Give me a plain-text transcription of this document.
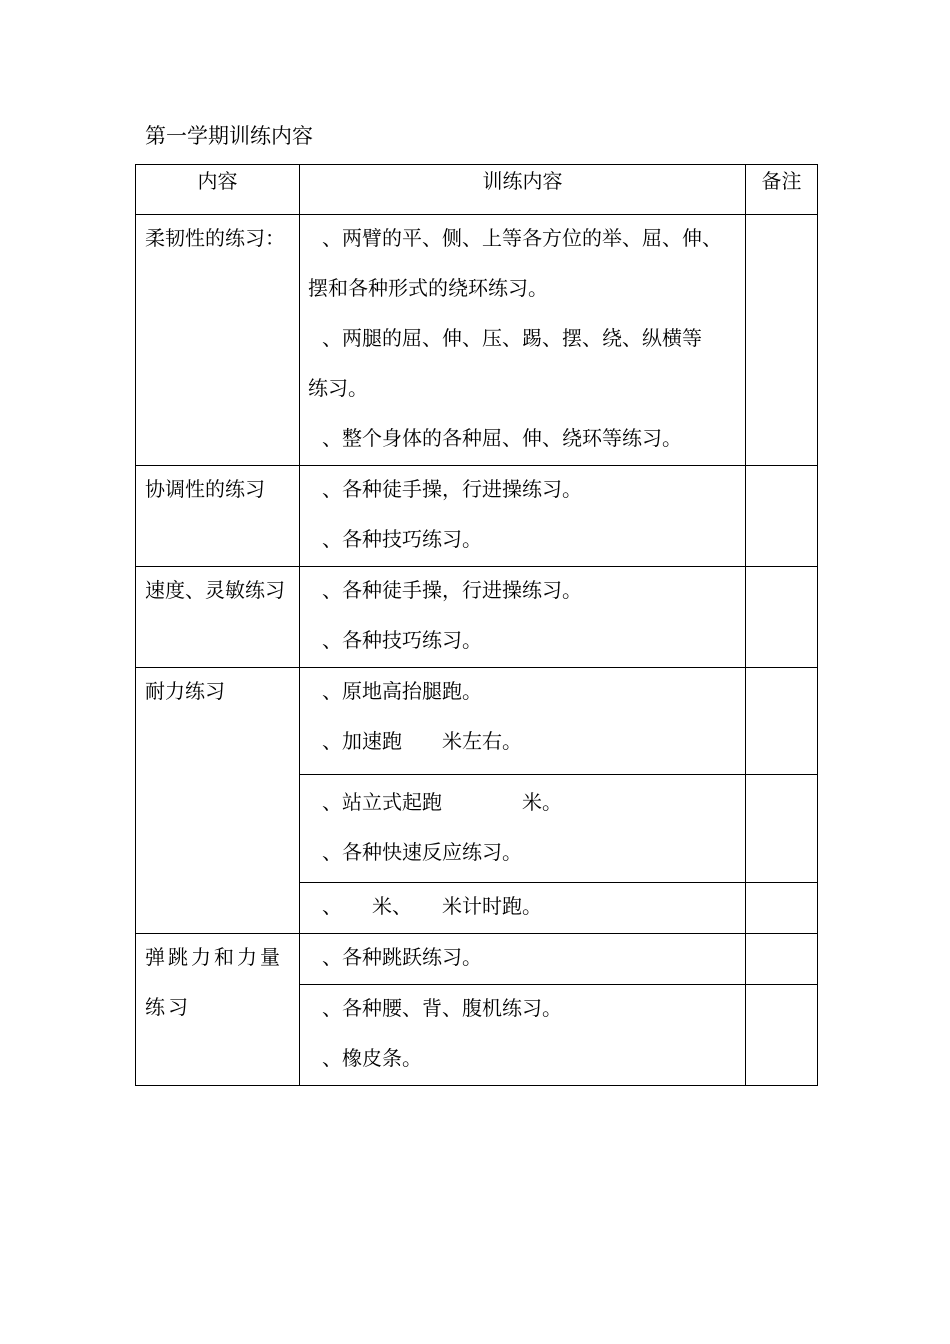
第一学期训练内容
内容	训练内容	备注

柔韧性的练习：	、两臂的平、侧、上等各方位的举、屈、伸、
摆和各种形式的绕环练习。
、两腿的屈、伸、压、踢、摆、绕、纵横等
练习。
、整个身体的各种屈、伸、绕环等练习。	

协调性的练习	、各种徒手操，行进操练习。
、各种技巧练习。	

速度、灵敏练习	、各种徒手操，行进操练习。
、各种技巧练习。	

耐力练习	、原地高抬腿跑。
、加速跑　　米左右。	

	、站立式起跑　　　　米。
、各种快速反应练习。	

	、　　米、　　米计时跑。	

弹跳力和力量
练习	、各种跳跃练习。	

	、各种腰、背、腹机练习。
、橡皮条。	
